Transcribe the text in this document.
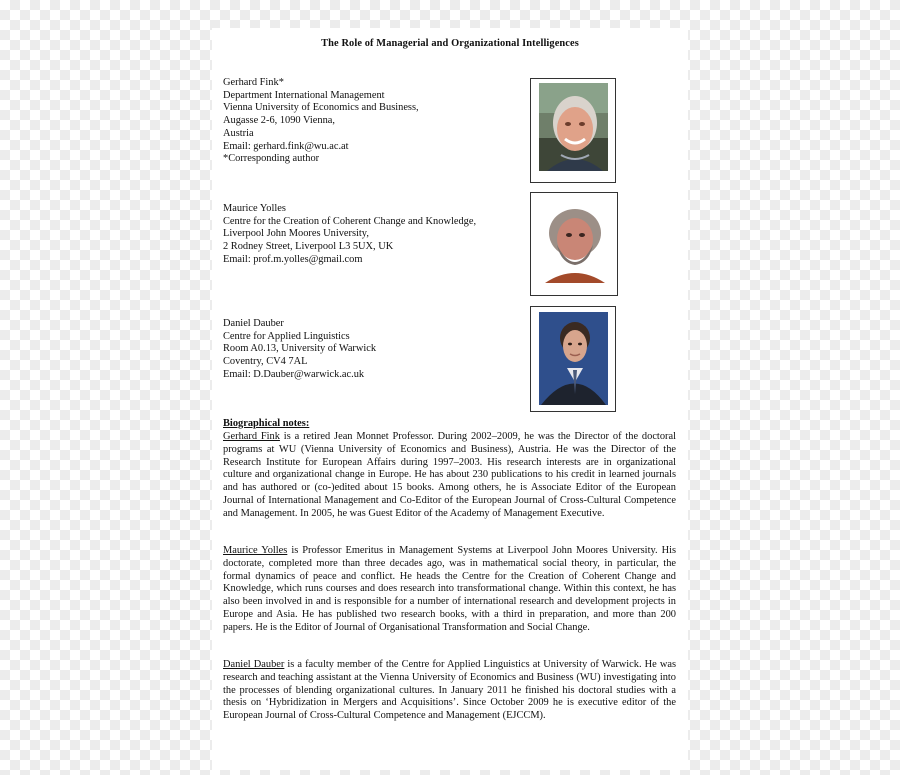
The Role of Managerial and Organizational Intelligences
Gerhard Fink*
Department International Management
Vienna University of Economics and Business,
Augasse 2-6, 1090 Vienna,
Austria
Email: gerhard.fink@wu.ac.at
*Corresponding author
Maurice Yolles
Centre for the Creation of Coherent Change and Knowledge,
Liverpool John Moores University,
2 Rodney Street, Liverpool L3 5UX, UK
Email: prof.m.yolles@gmail.com
Daniel Dauber
Centre for Applied Linguistics
Room A0.13, University of Warwick
Coventry, CV4 7AL
Email: D.Dauber@warwick.ac.uk
Biographical notes:
Gerhard Fink is a retired Jean Monnet Professor. During 2002–2009, he was the Director of the doctoral programs at WU (Vienna University of Economics and Business), Austria. He was the Director of the Research Institute for European Affairs during 1997–2003. His research interests are in organizational culture and organizational change in Europe. He has about 230 publications to his credit in learned journals and has authored or (co-)edited about 15 books. Among others, he is Associate Editor of the European Journal of International Management and Co-Editor of the European Journal of Cross-Cultural Competence and Management. In 2005, he was Guest Editor of the Academy of Management Executive.
Maurice Yolles is Professor Emeritus in Management Systems at Liverpool John Moores University. His doctorate, completed more than three decades ago, was in mathematical social theory, in particular, the formal dynamics of peace and conflict. He heads the Centre for the Creation of Coherent Change and Knowledge, which runs courses and does research into transformational change. Within this context, he has also been involved in and is responsible for a number of international research and development projects in Europe and Asia. He has published two research books, with a third in preparation, and more than 200 papers. He is the Editor of Journal of Organisational Transformation and Social Change.
Daniel Dauber is a faculty member of the Centre for Applied Linguistics at University of Warwick. He was research and teaching assistant at the Vienna University of Economics and Business (WU) investigating into the processes of blending organizational cultures. In January 2011 he finished his doctoral studies with a thesis on ‘Hybridization in Mergers and Acquisitions’. Since October 2009 he is executive editor of the European Journal of Cross-Cultural Competence and Management (EJCCM).
